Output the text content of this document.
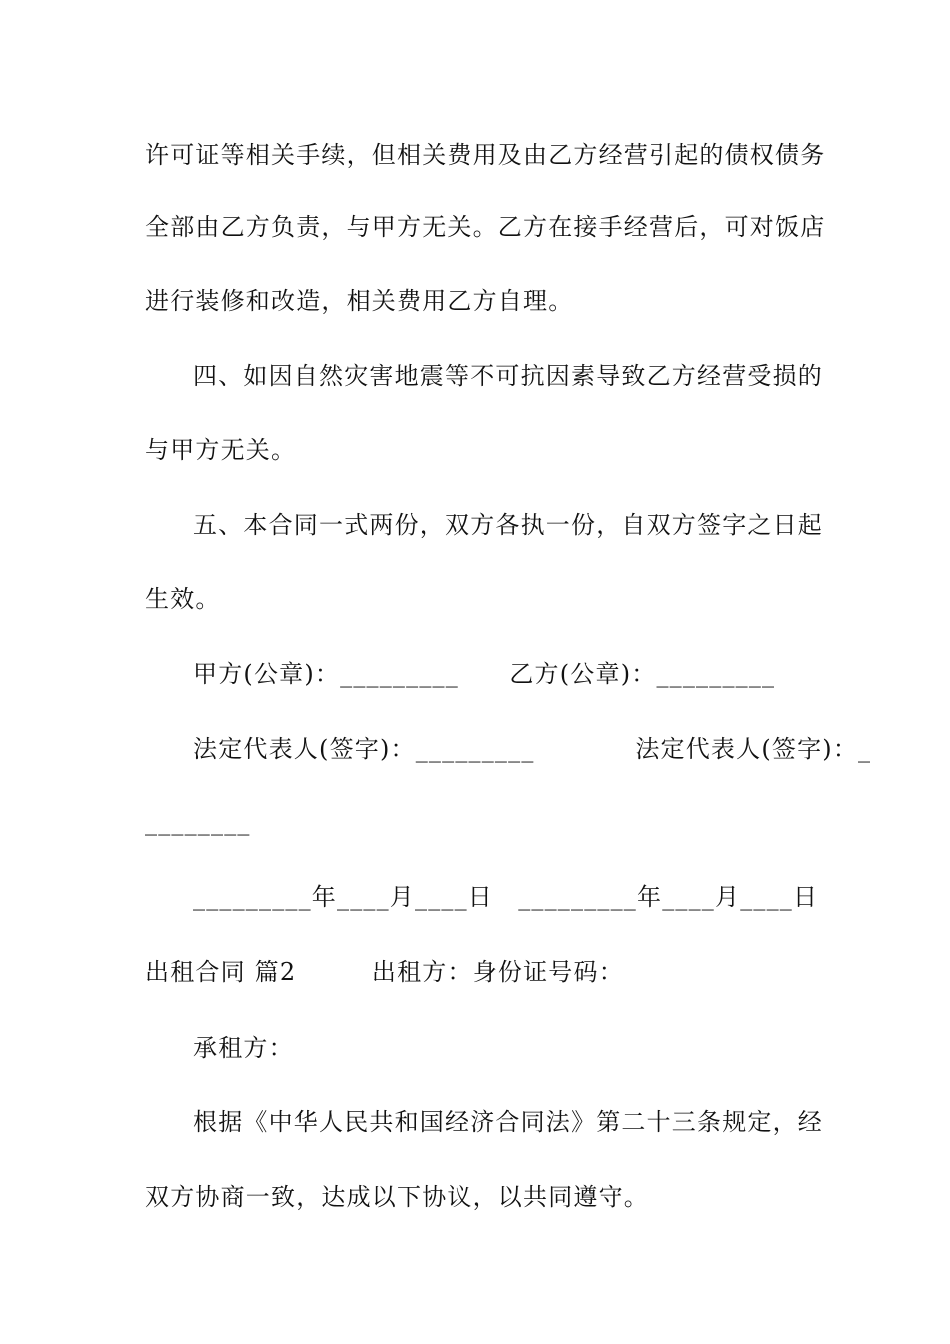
许可证等相关手续，但相关费用及由乙方经营引起的债权债务
全部由乙方负责，与甲方无关。乙方在接手经营后，可对饭店
进行装修和改造，相关费用乙方自理。
四、如因自然灾害地震等不可抗因素导致乙方经营受损的
与甲方无关。
五、本合同一式两份，双方各执一份，自双方签字之日起
生效。
甲方(公章)：_________　　乙方(公章)：_________
法定代表人(签字)：_________　　　　法定代表人(签字)：_
________
_________年____月____日　_________年____月____日
出租合同 篇2　　　出租方：身份证号码：
承租方：
根据《中华人民共和国经济合同法》第二十三条规定，经
双方协商一致，达成以下协议，以共同遵守。
